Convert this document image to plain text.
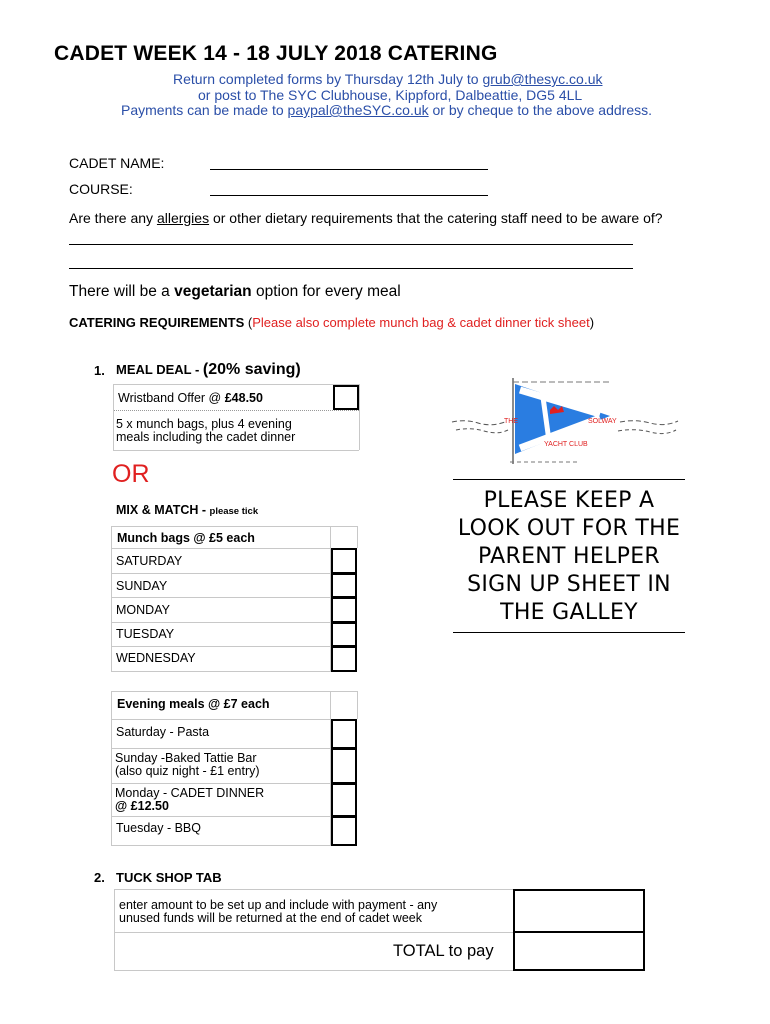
CADET WEEK 14 - 18 JULY 2018 CATERING
Return completed forms by Thursday 12th July to grub@thesyc.co.uk
or post to The SYC Clubhouse, Kippford, Dalbeattie, DG5 4LL
Payments can be made to paypal@theSYC.co.uk or by cheque to the above address.
CADET NAME:
COURSE:
Are there any allergies or other dietary requirements that the catering staff need to be aware of?
There will be a vegetarian option for every meal
CATERING REQUIREMENTS (Please also complete munch bag & cadet dinner tick sheet)
1. MEAL DEAL - (20% saving)
Wristband Offer @ £48.50
5 x munch bags, plus 4 evening
meals including the cadet dinner
OR
MIX & MATCH - please tick
Munch bags @ £5 each
SATURDAY
SUNDAY
MONDAY
TUESDAY
WEDNESDAY
Evening meals @ £7 each
Saturday - Pasta
Sunday -Baked Tattie Bar
(also quiz night - £1 entry)
Monday - CADET DINNER
@ £12.50
Tuesday - BBQ
THE	SOLWAY
YACHT CLUB
PLEASE KEEP A
LOOK OUT FOR THE
PARENT HELPER
SIGN UP SHEET IN
THE GALLEY
2. TUCK SHOP TAB
enter amount to be set up and include with payment - any
unused funds will be returned at the end of cadet week
TOTAL to pay
